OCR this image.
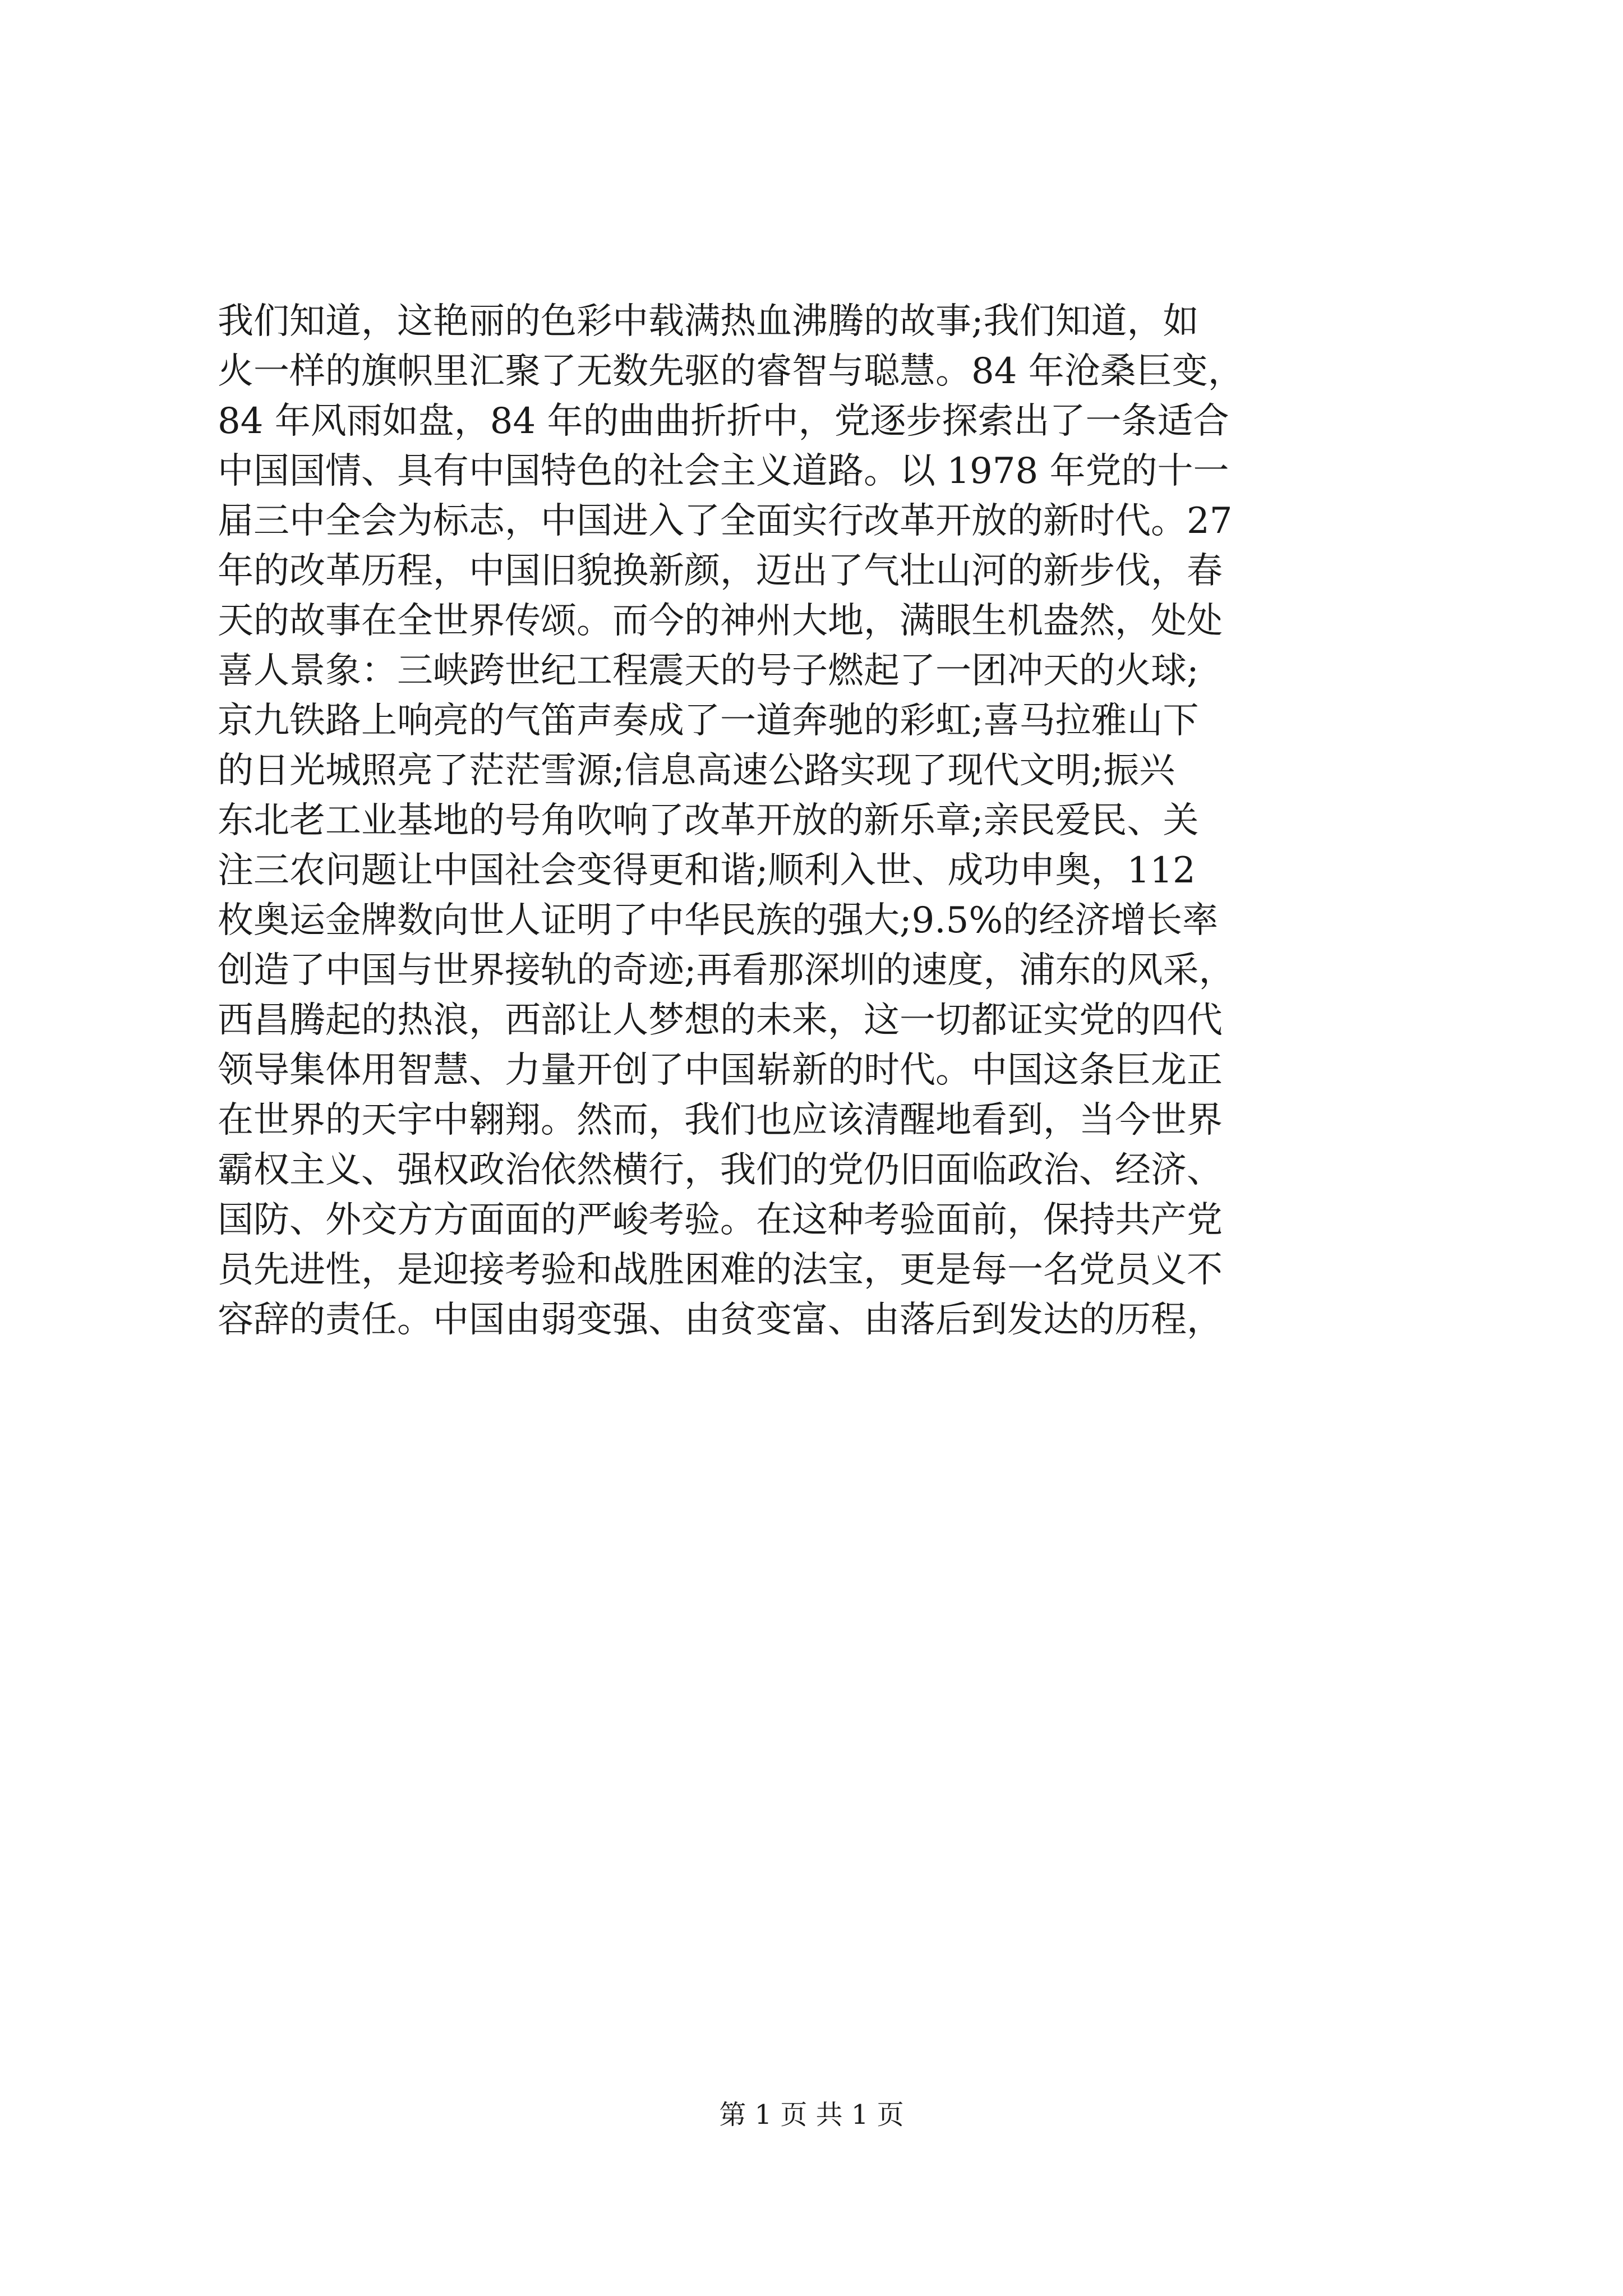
我们知道，这艳丽的色彩中载满热血沸腾的故事;我们知道，如
火一样的旗帜里汇聚了无数先驱的睿智与聪慧。84 年沧桑巨变，
84 年风雨如盘，84 年的曲曲折折中，党逐步探索出了一条适合
中国国情、具有中国特色的社会主义道路。以 1978 年党的十一
届三中全会为标志，中国进入了全面实行改革开放的新时代。27
年的改革历程，中国旧貌换新颜，迈出了气壮山河的新步伐，春
天的故事在全世界传颂。而今的神州大地，满眼生机盎然，处处
喜人景象：三峡跨世纪工程震天的号子燃起了一团冲天的火球;
京九铁路上响亮的气笛声奏成了一道奔驰的彩虹;喜马拉雅山下
的日光城照亮了茫茫雪源;信息高速公路实现了现代文明;振兴
东北老工业基地的号角吹响了改革开放的新乐章;亲民爱民、关
注三农问题让中国社会变得更和谐;顺利入世、成功申奥，112
枚奥运金牌数向世人证明了中华民族的强大;9.5%的经济增长率
创造了中国与世界接轨的奇迹;再看那深圳的速度，浦东的风采，
西昌腾起的热浪，西部让人梦想的未来，这一切都证实党的四代
领导集体用智慧、力量开创了中国崭新的时代。中国这条巨龙正
在世界的天宇中翱翔。然而，我们也应该清醒地看到，当今世界
霸权主义、强权政治依然横行，我们的党仍旧面临政治、经济、
国防、外交方方面面的严峻考验。在这种考验面前，保持共产党
员先进性，是迎接考验和战胜困难的法宝，更是每一名党员义不
容辞的责任。中国由弱变强、由贫变富、由落后到发达的历程，
第 1 页 共 1 页
